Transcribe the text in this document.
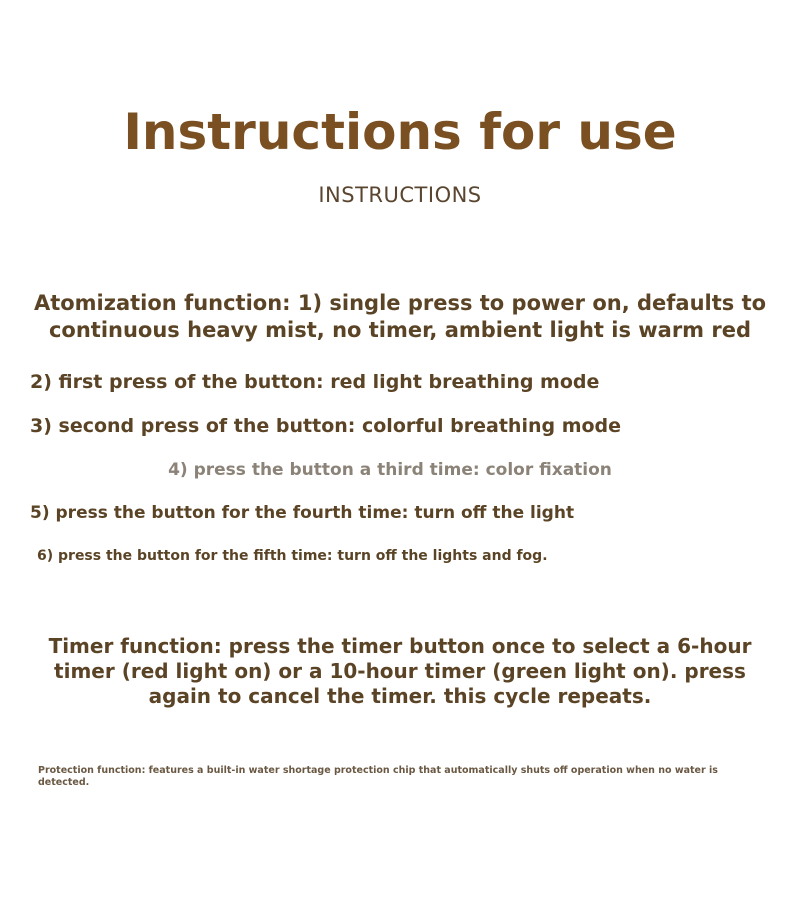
Instructions for use
INSTRUCTIONS
Atomization function: 1) single press to power on, defaults to continuous heavy mist, no timer, ambient light is warm red
2) first press of the button: red light breathing mode
3) second press of the button: colorful breathing mode
4) press the button a third time: color fixation
5) press the button for the fourth time: turn off the light
6) press the button for the fifth time: turn off the lights and fog.
Timer function: press the timer button once to select a 6-hour timer (red light on) or a 10-hour timer (green light on). press again to cancel the timer. this cycle repeats.
Protection function: features a built-in water shortage protection chip that automatically shuts off operation when no water is detected.
